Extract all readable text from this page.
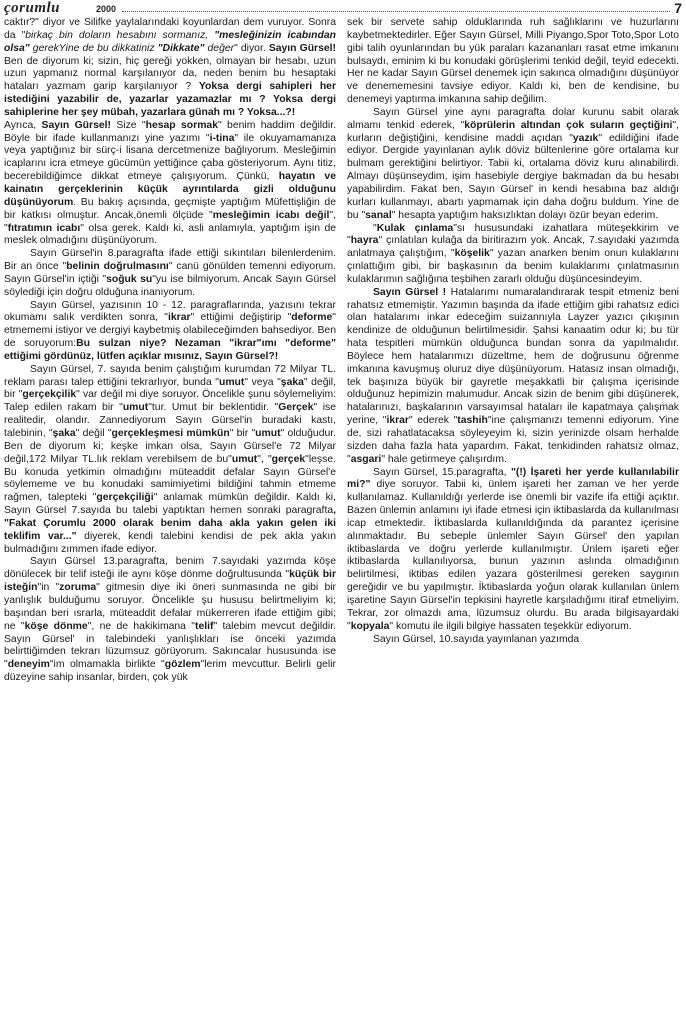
çorumlu	2000	7

caktır?" diyor ve Silifke yaylalarındaki koyunlardan dem vuruyor. Sonra da "birkaç bin doların hesabını sormanız, "mesleğinizin icabından olsa" gerekYine de bu dikkatiniz "Dikkate" değer" diyor. Sayın Gürsel! Ben de diyorum ki; sizin, hiç gereği yokken, olmayan bir hesabı, uzun uzun yapmanız normal karşılanıyor da, neden benim bu hesaptaki hataları yazmam garip karşılanıyor ? Yoksa dergi sahipleri her istediğini yazabilir de, yazarlar yazamazlar mı ? Yoksa dergi sahiplerine her şey mübah, yazarlara günah mı ? Yoksa...?!

Ayrıca, Sayın Gürsel! Size "hesap sormak" benim haddim değildir. Böyle bir ifade kullanmanızı yine yazımı "i-tina" ile okuyamamanıza veya yaptığınız bir sürç-i lisana dercetmenize bağlıyorum. Mesleğimin icaplarını icra etmeye gücümün yettiğince çaba gösteriyorum. Aynı titiz, becerebildiğimce dikkat etmeye çalışıyorum. Çünkü, hayatın ve kainatın gerçeklerinin küçük ayrıntılarda gizli olduğunu düşünüyorum. Bu bakış açısında, geçmişte yaptığım Müfettişliğin de bir katkısı olmuştur. Ancak,önemli ölçüde "mesleğimin icabı değil", "fıtratımın icabı" olsa gerek. Kaldı ki, asli anlamıyla, yaptığım işin de meslek olmadığını düşünüyorum.

Sayın Gürsel'in 8.paragrafta ifade ettiği sıkıntıları bilenlerdenim. Bir an önce "belinin doğrulmasını" canü gönülden temenni ediyorum. Sayın Gürsel'in içtiği "soğuk su"yu ise bilmiyorum. Ancak Sayın Gürsel söylediği için doğru olduğuna inanıyorum.

Sayın Gürsel, yazısının 10 - 12. paragraflarında, yazısını tekrar okumamı salık verdikten sonra, "ikrar" ettiğimi değiştirip "deforme" etmememi istiyor ve dergiyi kaybetmiş olabileceğimden bahsediyor. Ben de soruyorum:Bu sulzan niye? Nezaman "ikrar"ımı "deforme" ettiğimi gördünüz, lütfen açıklar mısınız, Sayın Gürsel?!

Sayın Gürsel, 7. sayıda benim çalıştığım kurumdan 72 Milyar TL. reklam parası talep ettiğini tekrarlıyor, bunda "umut" veya "şaka" değil, bir "gerçekçilik" var değil mi diye soruyor. Öncelikle şunu söylemeliyim: Talep edilen rakam bir "umut"tur. Umut bir beklentidir. "Gerçek" ise realitedir, olandır. Zannediyorum Sayın Gürsel'in buradaki kastı, talebinin, "şaka" değil "gerçekleşmesi mümkün" bir "umut" olduğudur. Ben de diyorum ki; keşke imkan olsa, Sayın Gürsel'e 72 Milyar değil,172 Milyar TL.lık reklam verebilsem de bu"umut", "gerçek"leşse. Bu konuda yetkimin olmadığını müteaddit defalar Sayın Gürsel'e söylememe ve bu konudaki samimiyetimi bildiğini tahmin etmeme rağmen, talepteki "gerçekçiliği" anlamak mümkün değildir. Kaldı ki, Sayın Gürsel 7.sayıda bu talebi yaptıktan hemen sonraki paragrafta, "Fakat Çorumlu 2000 olarak benim daha akla yakın gelen iki teklifim var..." diyerek, kendi talebini kendisi de pek akla yakın bulmadığını zımmen ifade ediyor.

Sayın Gürsel 13.paragrafta, benim 7.sayıdaki yazımda köşe dönülecek bir telif isteği ile aynı köşe dönme doğrultusunda "küçük bir isteğin"in "zoruma" gitmesin diye iki öneri sunmasında ne gibi bir yanlışlık bulduğumu soruyor. Öncelikle şu hususu belirtmeliyim ki; başından beri ısrarla, müteaddit defalar mükerreren ifade ettiğim gibi; ne "köşe dönme", ne de hakikimana "telif" talebim mevcut değildir. Sayın Gürsel' in talebindeki yanlışlıkları ise önceki yazımda belirttiğimden tekrarı lüzumsuz görüyorum. Sakıncalar hususunda ise "deneyim"im olmamakla birlikte "gözlem"lerim mevcuttur. Belirli gelir düzeyine sahip insanlar, birden, çok yük

sek bir servete sahip olduklarında ruh sağlıklarını ve huzurlarını kaybetmektedirler. Eğer Sayın Gürsel, Milli Piyango,Spor Toto,Spor Loto gibi talih oyunlarından bu yük paraları kazananları rasat etme imkanını bulsaydı, eminim ki bu konudaki görüşlerimi tenkid değil, teyid edecekti. Her ne kadar Sayın Gürsel denemek için sakınca olmadığını düşünüyor ve denememesini tavsiye ediyor. Kaldı ki, ben de kendisine, bu denemeyi yaptırma imkanına sahip değilim.

Sayın Gürsel yine aynı paragrafta dolar kurunu sabit olarak almamı tenkid ederek, "köprülerin altından çok suların geçtiğini", kurların değiştiğini, kendisine maddi açıdan "yazık" edildiğini ifade ediyor. Dergide yayınlanan aylık döviz bültenlerine göre ortalama kur bulmam gerektiğini belirtiyor. Tabii ki, ortalama döviz kuru alınabilirdi. Almayı düşünseydim, işim hasebiyle dergiye bakmadan da bu hesabı yapabilirdim. Fakat ben, Sayın Gürsel' in kendi hesabına baz aldığı kurları kullanmayı, abartı yapmamak için daha doğru buldum. Yine de bu "sanal" hesapta yaptığım haksızlıktan dolayı özür beyan ederim.

"Kulak çınlama"sı hususundaki izahatlara müteşekkirim ve "hayra" çınlatılan kulağa da biritirazım yok. Ancak, 7.sayıdaki yazımda anlatmaya çalıştığım, "köşelik" yazan anarken benim onun kulaklarını çınlattığım gibi, bir başkasının da benim kulaklarımı çınlatmasının kulaklarımın sağlığına teşbihen zararlı olduğu düşüncesindeyim.

Sayın Gürsel ! Hatalarımı numaralandırarak tespit etmeniz beni rahatsız etmemiştir. Yazımın başında da ifade ettiğim gibi rahatsız edici olan hatalarımı inkar edeceğim suizannıyla Layzer yazıcı çıkışının kendinize de olduğunun belirtilmesidir. Şahsi kanaatim odur ki; bu tür hata tespitleri mümkün olduğunca bundan sonra da yapılmalıdır. Böylece hem hatalarımızı düzeltme, hem de doğrusunu öğrenme imkanına kavuşmuş oluruz diye düşünüyorum. Hatasız insan olmadığı, tek başınıza büyük bir gayretle meşakkatli bir çalışma içerisinde olduğunuz hepimizin malumudur. Ancak sizin de benim gibi düşünerek, hatalarınızı, başkalarının varsayımsal hataları ile kapatmaya çalışmak yerine, "ikrar" ederek "tashih"ine çalışmanızı temenni ediyorum. Yine de, sizi rahatlatacaksa söyleyeyim ki, sizin yerinizde olsam herhalde sizden daha fazla hata yapardım. Fakat, tenkidinden rahatsız olmaz, "asgari" hale getirmeye çalışırdım.

Sayın Gürsel, 15.paragrafta, "(!) İşareti her yerde kullanılabilir mi?" diye soruyor. Tabii ki, ünlem işareti her zaman ve her yerde kullanılamaz. Kullanıldığı yerlerde ise önemli bir vazife ifa ettiği açıktır. Bazen ünlemin anlamını iyi ifade etmesi için iktibaslarda da kullanılması icap etmektedir. İktibaslarda kullanıldığında da parantez içerisine alınmaktadır. Bu sebeple ünlemler Sayın Gürsel' den yapılan iktibaslarda ve doğru yerlerde kullanılmıştır. Ünlem işareti eğer iktibaslarda kullanılıyorsa, bunun yazının aslında olmadığının belirtilmesi, iktibas edilen yazara gösterilmesi gereken saygının gereğidir ve bu yapılmıştır. İktibaslarda yoğun olarak kullanılan ünlem işaretine Sayın Gürsel'in tepkisini hayretle karşıladığımı itiraf etmeliyim. Tekrar, zor olmazdı ama, lüzumsuz olurdu. Bu arada bilgisayardaki "kopyala" komutu ile ilgili bilgiye hassaten teşekkür ediyorum.

Sayın Gürsel, 10.sayıda yayınlanan yazımda
